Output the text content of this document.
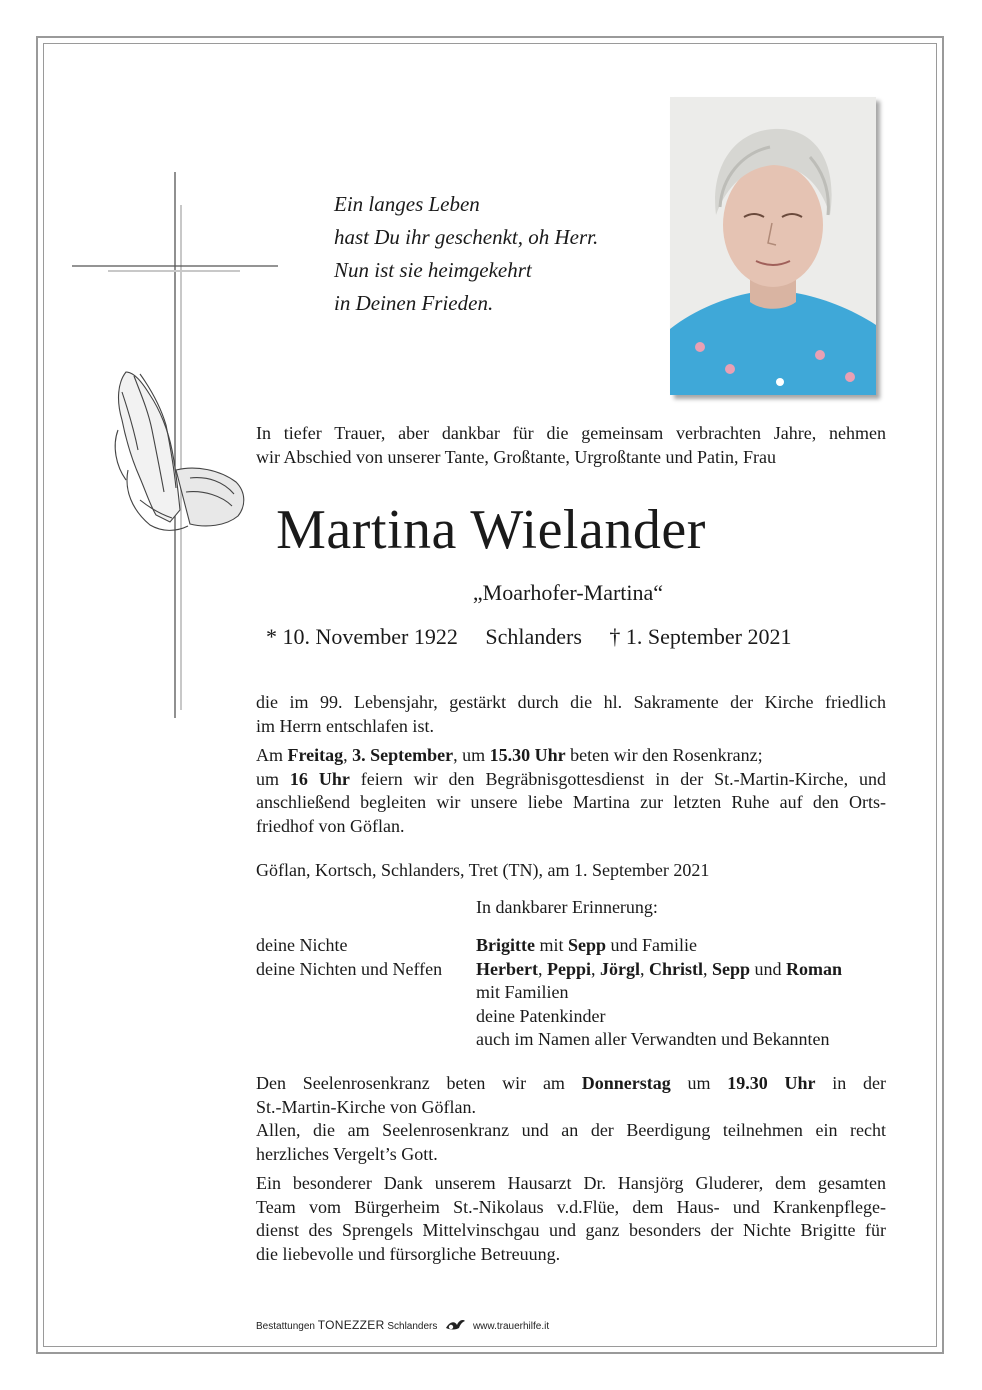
Ein langes Leben
hast Du ihr geschenkt, oh Herr.
Nun ist sie heimgekehrt
in Deinen Frieden.
In tiefer Trauer, aber dankbar für die gemeinsam verbrachten Jahre, nehmen
wir Abschied von unserer Tante, Großtante, Urgroßtante und Patin, Frau
Martina Wielander
„Moarhofer-Martina“
* 10. November 1922 Schlanders † 1. September 2021
die im 99. Lebensjahr, gestärkt durch die hl. Sakramente der Kirche friedlich
im Herrn entschlafen ist.
Am Freitag, 3. September, um 15.30 Uhr beten wir den Rosenkranz;
um 16 Uhr feiern wir den Begräbnisgottesdienst in der St.-Martin-Kirche, und
anschließend begleiten wir unsere liebe Martina zur letzten Ruhe auf den Orts-
friedhof von Göflan.
Göflan, Kortsch, Schlanders, Tret (TN), am 1. September 2021
In dankbarer Erinnerung:
deine Nichte	Brigitte mit Sepp und Familie
deine Nichten und Neffen Herbert, Peppi, Jörgl, Christl, Sepp und Roman
mit Familien
deine Patenkinder
auch im Namen aller Verwandten und Bekannten
Den Seelenrosenkranz beten wir am Donnerstag um 19.30 Uhr in der
St.-Martin-Kirche von Göflan.
Allen, die am Seelenrosenkranz und an der Beerdigung teilnehmen ein recht
herzliches Vergelt’s Gott.
Ein besonderer Dank unserem Hausarzt Dr. Hansjörg Gluderer, dem gesamten
Team vom Bürgerheim St.-Nikolaus v.d.Flüe, dem Haus- und Krankenpflege-
dienst des Sprengels Mittelvinschgau und ganz besonders der Nichte Brigitte für
die liebevolle und fürsorgliche Betreuung.
Bestattungen TONEZZER Schlanders	www.trauerhilfe.it
